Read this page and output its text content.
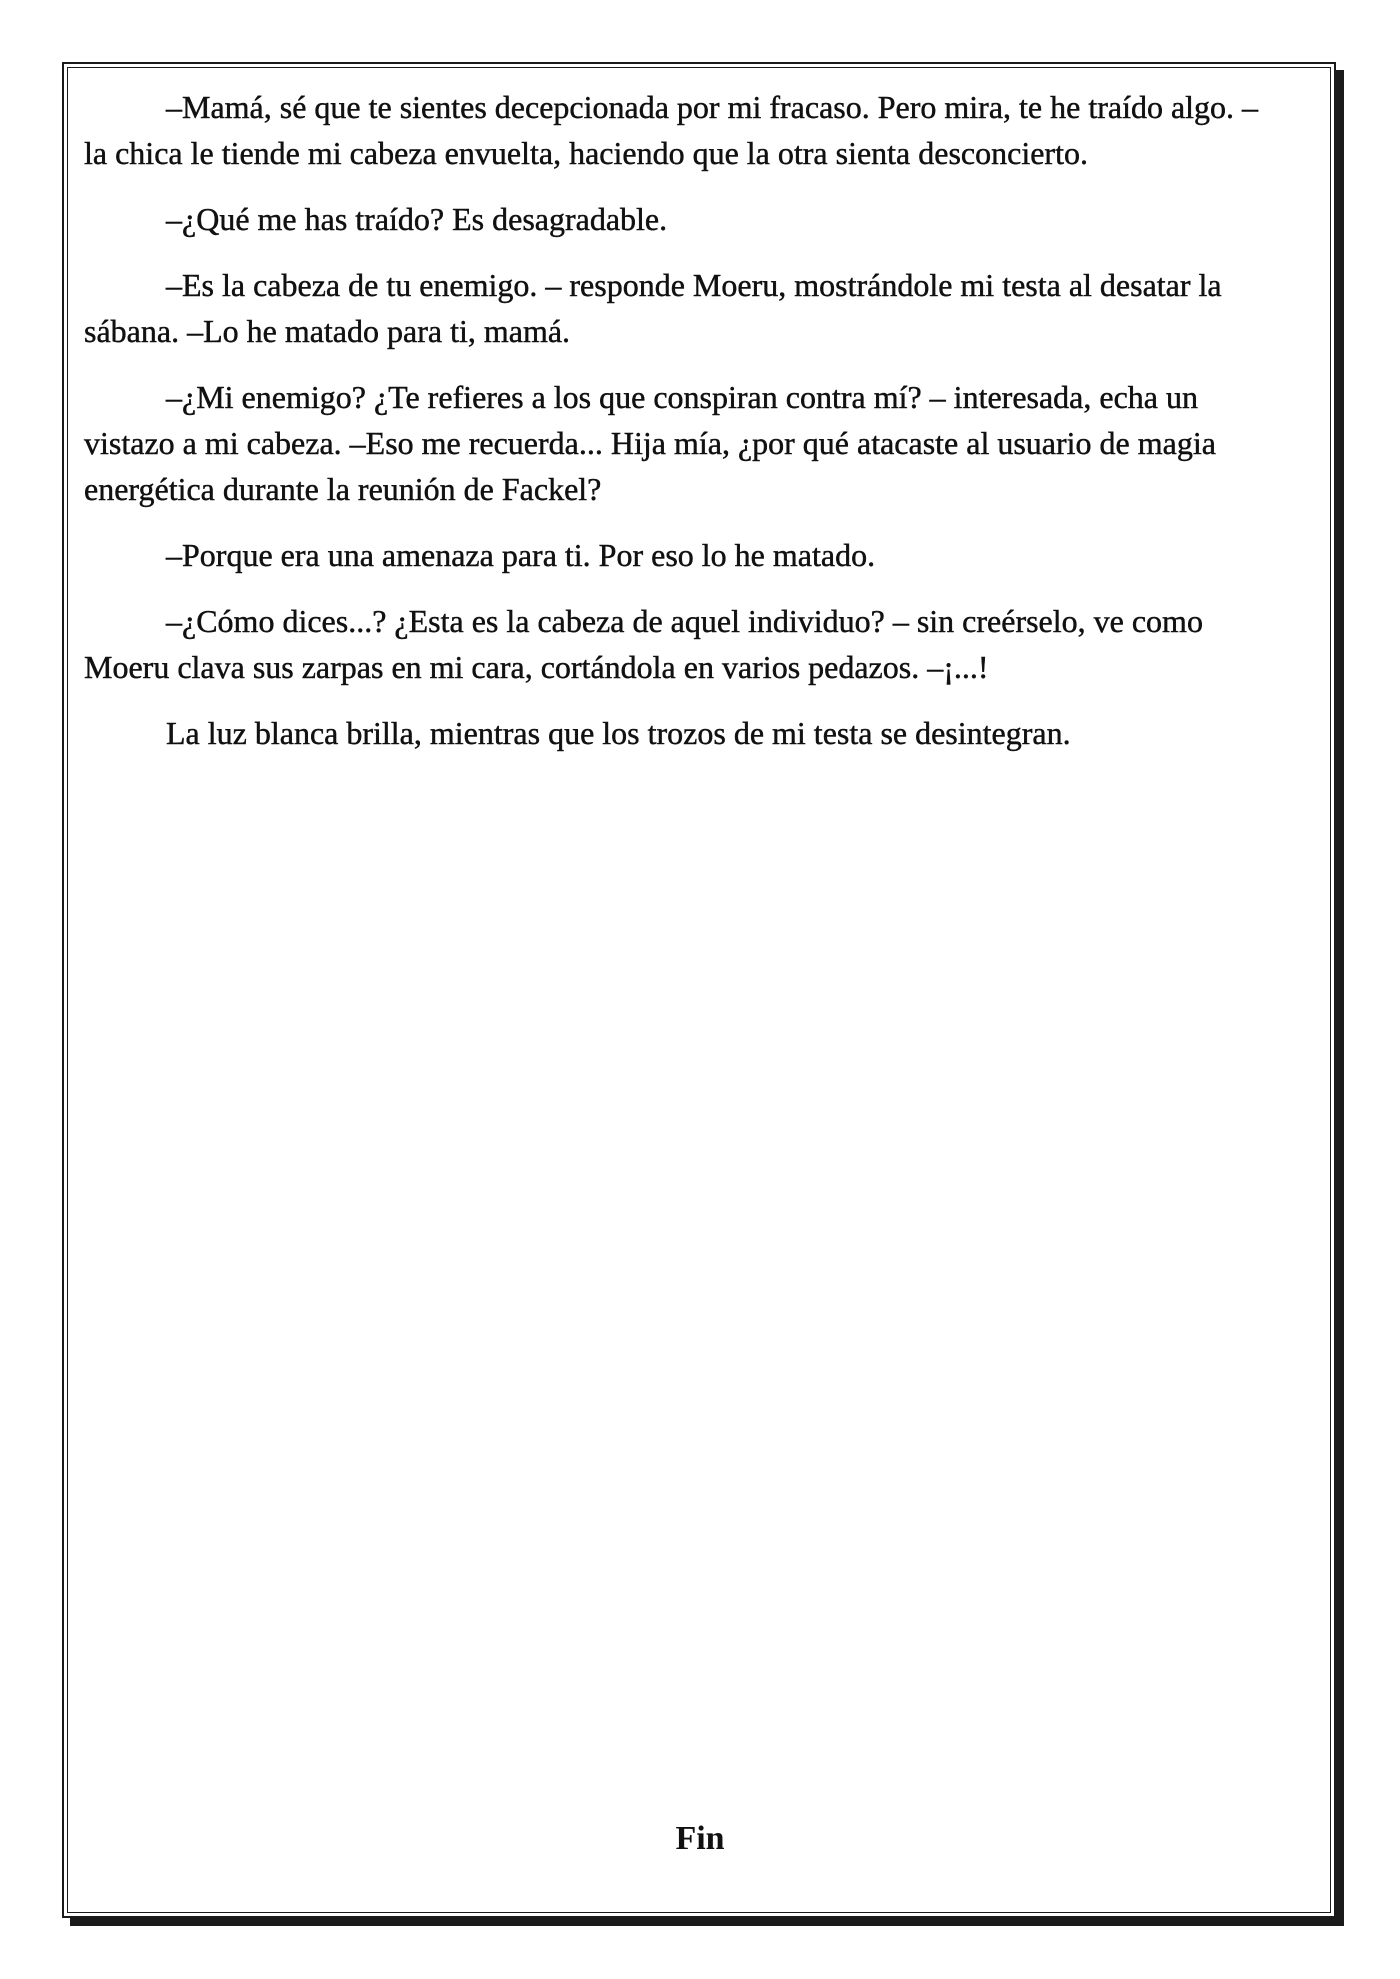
–Mamá, sé que te sientes decepcionada por mi fracaso. Pero mira, te he traído algo. – la chica le tiende mi cabeza envuelta, haciendo que la otra sienta desconcierto.

–¿Qué me has traído? Es desagradable.

–Es la cabeza de tu enemigo. – responde Moeru, mostrándole mi testa al desatar la sábana. –Lo he matado para ti, mamá.

–¿Mi enemigo? ¿Te refieres a los que conspiran contra mí? – interesada, echa un vistazo a mi cabeza. –Eso me recuerda... Hija mía, ¿por qué atacaste al usuario de magia energética durante la reunión de Fackel?

–Porque era una amenaza para ti. Por eso lo he matado.

–¿Cómo dices...? ¿Esta es la cabeza de aquel individuo? – sin creérselo, ve como Moeru clava sus zarpas en mi cara, cortándola en varios pedazos. –¡...!

La luz blanca brilla, mientras que los trozos de mi testa se desintegran.

Fin
